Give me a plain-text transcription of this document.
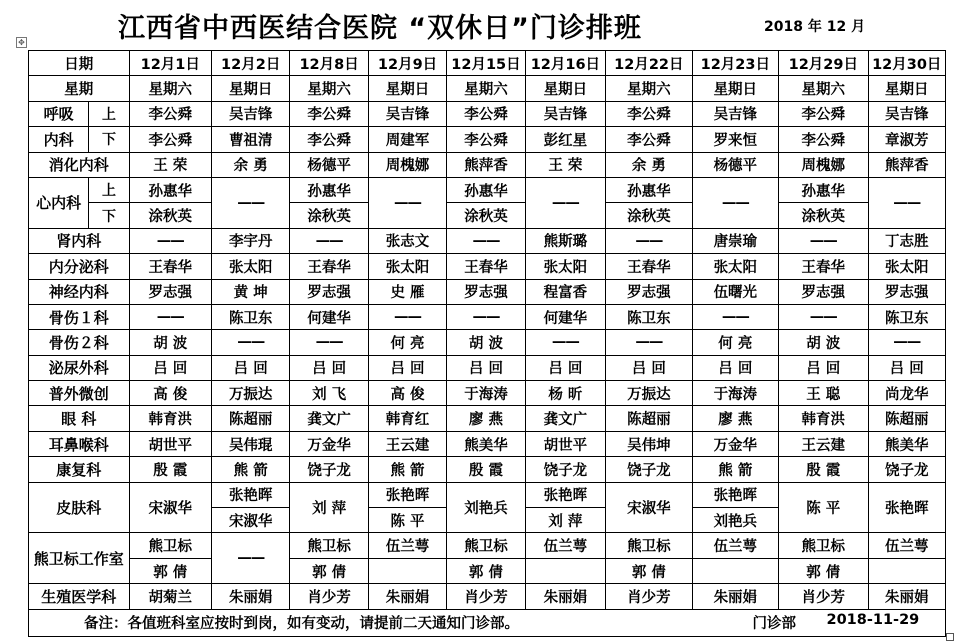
江西省中西医结合医院 “双休日”门诊排班	2018 年 12 月
✥
日期		12月1日	12月2日	12月8日	12月9日	12月15日	12月16日	12月22日	12月23日	12月29日	12月30日
星期		星期六	星期日	星期六	星期日	星期六	星期日	星期六	星期日	星期六	星期日
呼吸	上	李公舜	吴吉锋	李公舜	吴吉锋	李公舜	吴吉锋	李公舜	吴吉锋	李公舜	吴吉锋
内科	下	李公舜	曹祖清	李公舜	周建军	李公舜	彭红星	李公舜	罗来恒	李公舜	章淑芳
消化内科		王 荣	余 勇	杨德平	周槐娜	熊萍香	王 荣	余 勇	杨德平	周槐娜	熊萍香
心内科	上	孙惠华	——	孙惠华	——	孙惠华	——	孙惠华	——	孙惠华	——
	下	涂秋英		涂秋英		涂秋英		涂秋英		涂秋英	
肾内科		——	李宇丹	——	张志文	——	熊斯璐	——	唐崇瑜	——	丁志胜
内分泌科		王春华	张太阳	王春华	张太阳	王春华	张太阳	王春华	张太阳	王春华	张太阳
神经内科		罗志强	黄 坤	罗志强	史 雁	罗志强	程富香	罗志强	伍曙光	罗志强	罗志强
骨伤１科		——	陈卫东	何建华	——	——	何建华	陈卫东	——	——	陈卫东
骨伤２科		胡 波	——	——	何 亮	胡 波	——	——	何 亮	胡 波	——
泌尿外科		吕 回	吕 回	吕 回	吕 回	吕 回	吕 回	吕 回	吕 回	吕 回	吕 回
普外微创		高 俊	万振达	刘 飞	高 俊	于海涛	杨 昕	万振达	于海涛	王 聪	尚龙华
眼 科		韩育洪	陈超丽	龚文广	韩育红	廖 燕	龚文广	陈超丽	廖 燕	韩育洪	陈超丽
耳鼻喉科		胡世平	吴伟琨	万金华	王云建	熊美华	胡世平	吴伟坤	万金华	王云建	熊美华
康复科		殷 霞	熊 箭	饶子龙	熊 箭	殷 霞	饶子龙	饶子龙	熊 箭	殷 霞	饶子龙
皮肤科		宋淑华	张艳晖	刘 萍	张艳晖	刘艳兵	张艳晖	宋淑华	张艳晖	陈 平	张艳晖
			宋淑华		陈 平		刘 萍		刘艳兵		
熊卫标工作室		熊卫标	——	熊卫标	伍兰萼	熊卫标	伍兰萼	熊卫标	伍兰萼	熊卫标	伍兰萼
		郭 倩		郭 倩		郭 倩		郭 倩		郭 倩	
生殖医学科		胡菊兰	朱丽娟	肖少芳	朱丽娟	肖少芳	朱丽娟	肖少芳	朱丽娟	肖少芳	朱丽娟
备注：各值班科室应按时到岗，如有变动，请提前二天通知门诊部。 门诊部 2018-11-29											
